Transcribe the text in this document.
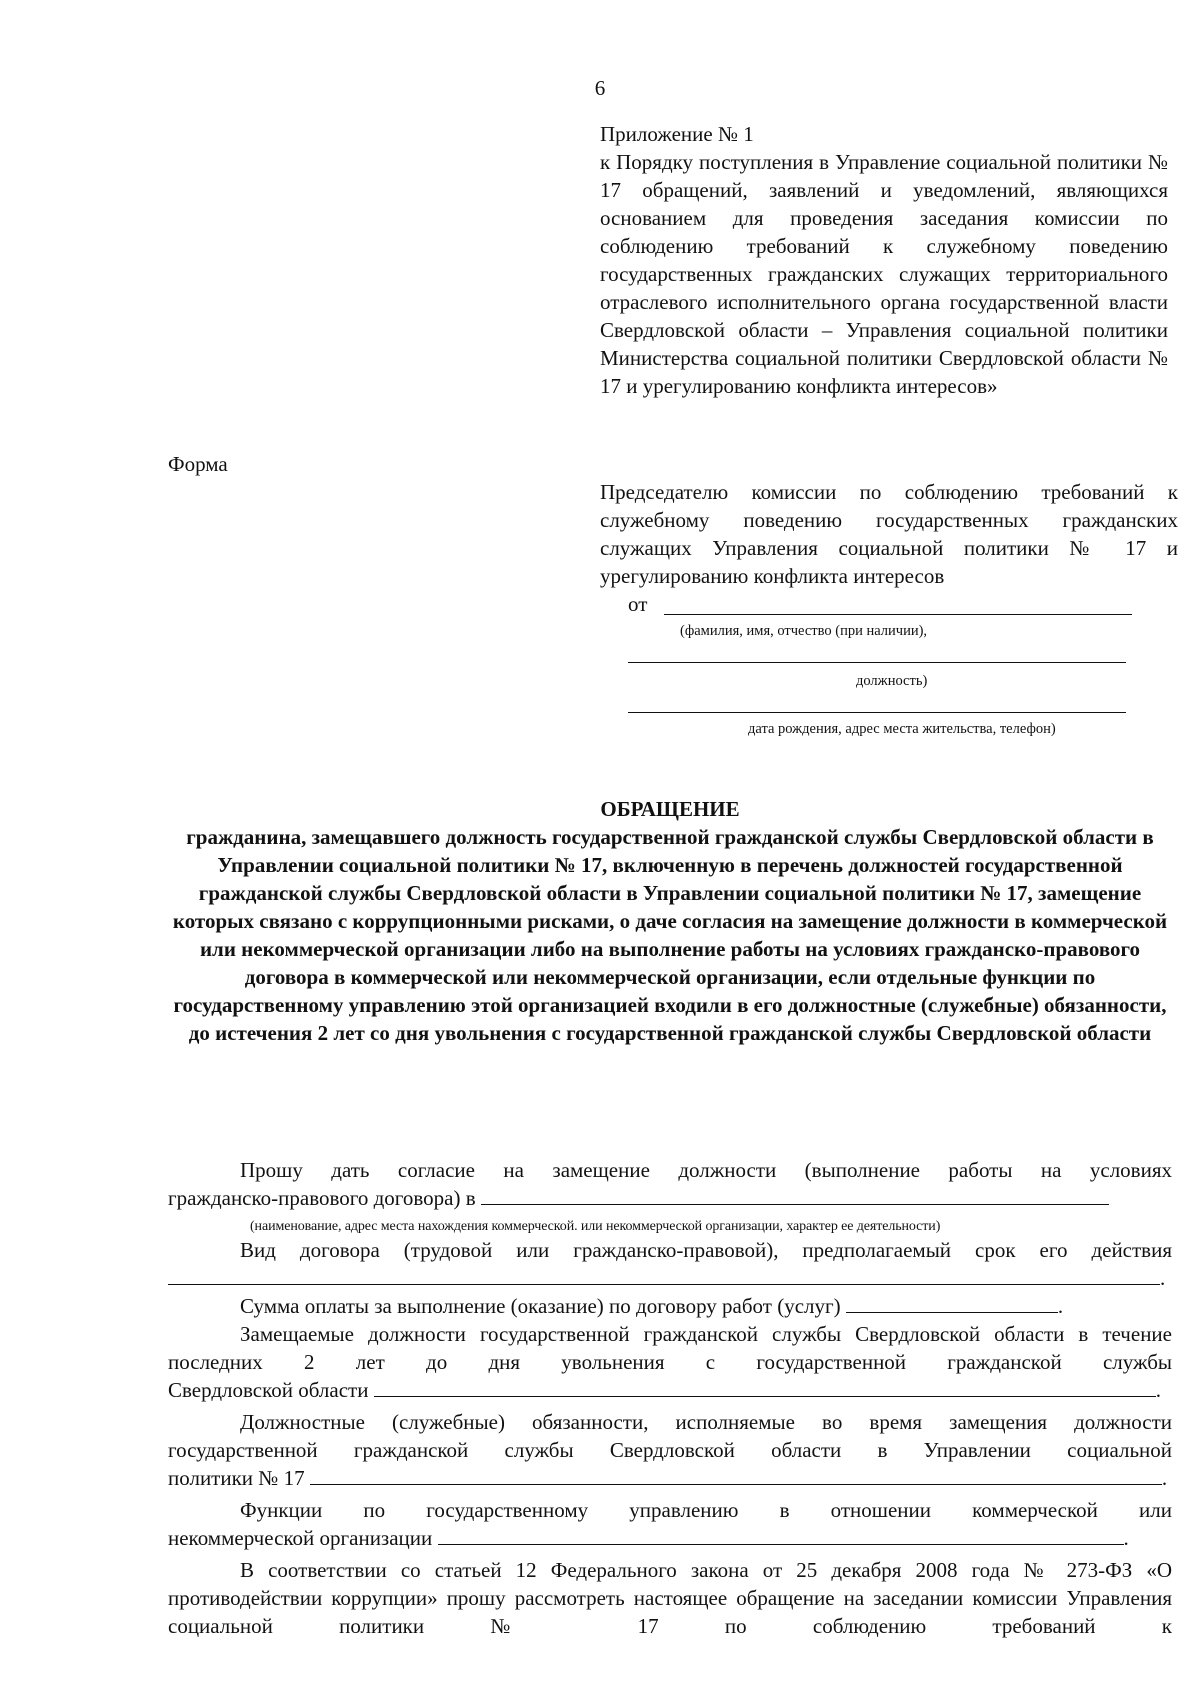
6
Приложение № 1
к Порядку поступления в Управление социальной политики № 17 обращений, заявлений и уведомлений, являющихся основанием для проведения заседания комиссии по соблюдению требований к служебному поведению государственных гражданских служащих территориального отраслевого исполнительного органа государственной власти Свердловской области – Управления социальной политики Министерства социальной политики Свердловской области № 17 и урегулированию конфликта интересов»
Форма
Председателю комиссии по соблюдению требований к служебному поведению государственных гражданских служащих Управления социальной политики № 17 и урегулированию конфликта интересов
от
(фамилия, имя, отчество (при наличии),
должность)
дата рождения, адрес места жительства, телефон)
ОБРАЩЕНИЕ
гражданина, замещавшего должность государственной гражданской службы Свердловской области в Управлении социальной политики № 17, включенную в перечень должностей государственной гражданской службы Свердловской области в Управлении социальной политики № 17, замещение которых связано с коррупционными рисками, о даче согласия на замещение должности в коммерческой или некоммерческой организации либо на выполнение работы на условиях гражданско-правового договора в коммерческой или некоммерческой организации, если отдельные функции по государственному управлению этой организацией входили в его должностные (служебные) обязанности, до истечения 2 лет со дня увольнения с государственной гражданской службы Свердловской области
Прошу дать согласие на замещение должности (выполнение работы на условиях
гражданско-правового договора) в
(наименование, адрес места нахождения коммерческой. или некоммерческой организации, характер ее деятельности)
Вид договора (трудовой или гражданско-правовой), предполагаемый срок его действия
.
Сумма оплаты за выполнение (оказание) по договору работ (услуг)	.
Замещаемые должности государственной гражданской службы Свердловской области в течение последних 2 лет до дня увольнения с государственной гражданской службы
Свердловской области	.
Должностные (служебные) обязанности, исполняемые во время замещения должности государственной гражданской службы Свердловской области в Управлении социальной
политики № 17	.
Функции по государственному управлению в отношении коммерческой или
некоммерческой организации	.
В соответствии со статьей 12 Федерального закона от 25 декабря 2008 года № 273-ФЗ «О противодействии коррупции» прошу рассмотреть настоящее обращение на заседании комиссии Управления социальной политики № 17 по соблюдению требований к
